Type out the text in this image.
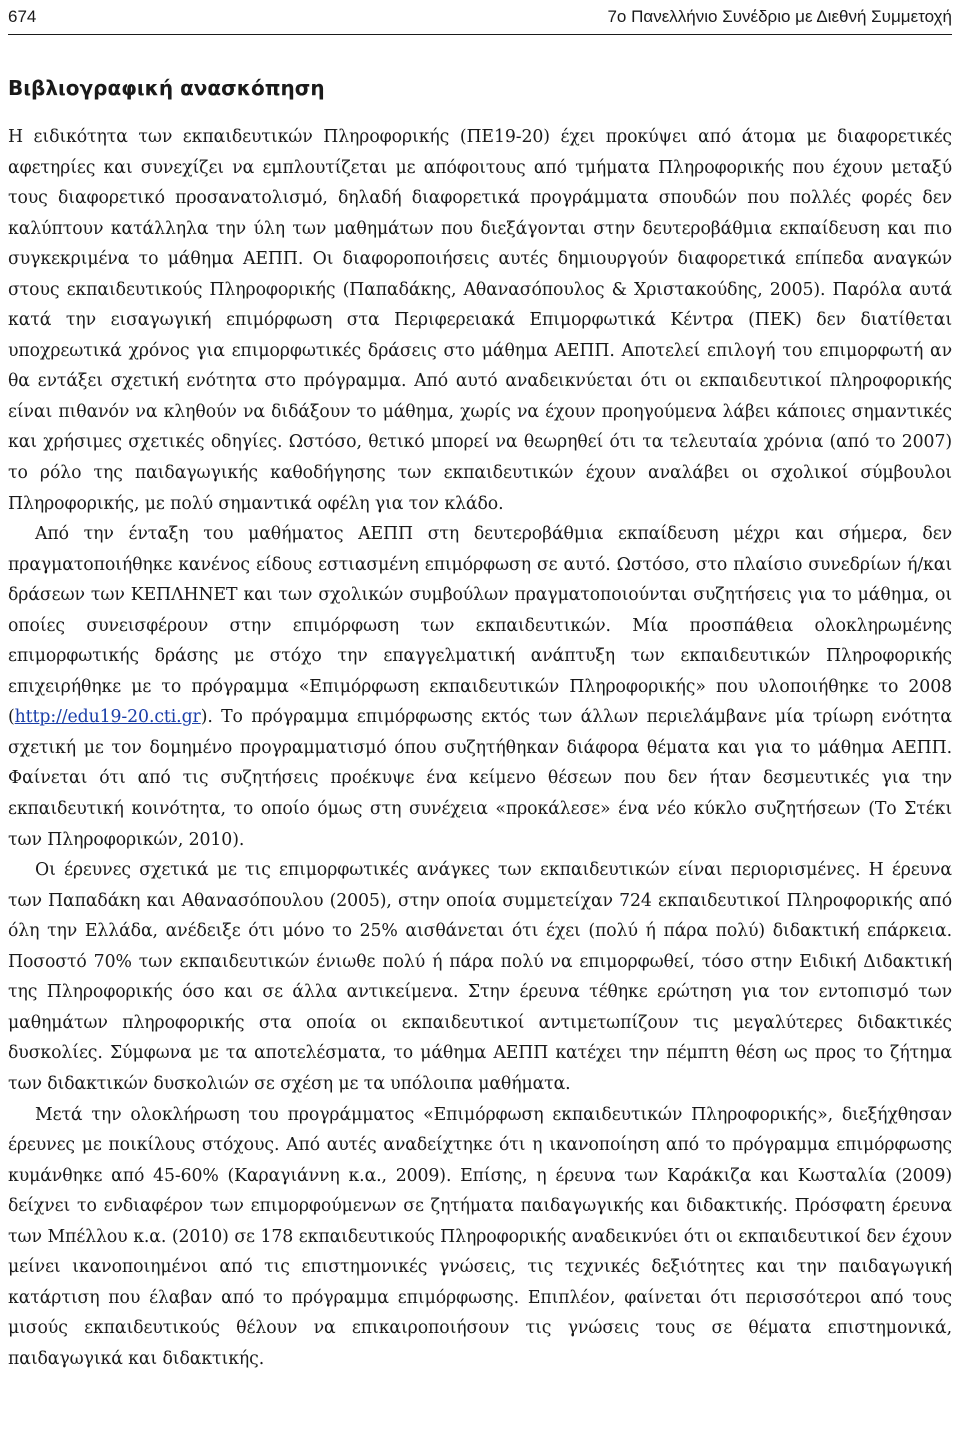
674	7ο Πανελλήνιο Συνέδριο με Διεθνή Συμμετοχή
Βιβλιογραφική ανασκόπηση

Η ειδικότητα των εκπαιδευτικών Πληροφορικής (ΠΕ19-20) έχει προκύψει από άτομα με διαφορετικές αφετηρίες και συνεχίζει να εμπλουτίζεται με απόφοιτους από τμήματα Πληροφορικής που έχουν μεταξύ τους διαφορετικό προσανατολισμό, δηλαδή διαφορετικά προγράμματα σπουδών που πολλές φορές δεν καλύπτουν κατάλληλα την ύλη των μαθημάτων που διεξάγονται στην δευτεροβάθμια εκπαίδευση και πιο συγκεκριμένα το μάθημα ΑΕΠΠ. Οι διαφοροποιήσεις αυτές δημιουργούν διαφορετικά επίπεδα αναγκών στους εκπαιδευτικούς Πληροφορικής (Παπαδάκης, Αθανασόπουλος & Χριστακούδης, 2005). Παρόλα αυτά κατά την εισαγωγική επιμόρφωση στα Περιφερειακά Επιμορφωτικά Κέντρα (ΠΕΚ) δεν διατίθεται υποχρεωτικά χρόνος για επιμορφωτικές δράσεις στο μάθημα ΑΕΠΠ. Αποτελεί επιλογή του επιμορφωτή αν θα εντάξει σχετική ενότητα στο πρόγραμμα. Από αυτό αναδεικνύεται ότι οι εκπαιδευτικοί πληροφορικής είναι πιθανόν να κληθούν να διδάξουν το μάθημα, χωρίς να έχουν προηγούμενα λάβει κάποιες σημαντικές και χρήσιμες σχετικές οδηγίες. Ωστόσο, θετικό μπορεί να θεωρηθεί ότι τα τελευταία χρόνια (από το 2007) το ρόλο της παιδαγωγικής καθοδήγησης των εκπαιδευτικών έχουν αναλάβει οι σχολικοί σύμβουλοι Πληροφορικής, με πολύ σημαντικά οφέλη για τον κλάδο.

Από την ένταξη του μαθήματος ΑΕΠΠ στη δευτεροβάθμια εκπαίδευση μέχρι και σήμερα, δεν πραγματοποιήθηκε κανένος είδους εστιασμένη επιμόρφωση σε αυτό. Ωστόσο, στο πλαίσιο συνεδρίων ή/και δράσεων των ΚΕΠΛΗΝΕΤ και των σχολικών συμβούλων πραγματοποιούνται συζητήσεις για το μάθημα, οι οποίες συνεισφέρουν στην επιμόρφωση των εκπαιδευτικών. Μία προσπάθεια ολοκληρωμένης επιμορφωτικής δράσης με στόχο την επαγγελματική ανάπτυξη των εκπαιδευτικών Πληροφορικής επιχειρήθηκε με το πρόγραμμα «Επιμόρφωση εκπαιδευτικών Πληροφορικής» που υλοποιήθηκε το 2008 (http://edu19-20.cti.gr). Το πρόγραμμα επιμόρφωσης εκτός των άλλων περιελάμβανε μία τρίωρη ενότητα σχετική με τον δομημένο προγραμματισμό όπου συζητήθηκαν διάφορα θέματα και για το μάθημα ΑΕΠΠ. Φαίνεται ότι από τις συζητήσεις προέκυψε ένα κείμενο θέσεων που δεν ήταν δεσμευτικές για την εκπαιδευτική κοινότητα, το οποίο όμως στη συνέχεια «προκάλεσε» ένα νέο κύκλο συζητήσεων (Το Στέκι των Πληροφορικών, 2010).

Οι έρευνες σχετικά με τις επιμορφωτικές ανάγκες των εκπαιδευτικών είναι περιορισμένες. Η έρευνα των Παπαδάκη και Αθανασόπουλου (2005), στην οποία συμμετείχαν 724 εκπαιδευτικοί Πληροφορικής από όλη την Ελλάδα, ανέδειξε ότι μόνο το 25% αισθάνεται ότι έχει (πολύ ή πάρα πολύ) διδακτική επάρκεια. Ποσοστό 70% των εκπαιδευτικών ένιωθε πολύ ή πάρα πολύ να επιμορφωθεί, τόσο στην Ειδική Διδακτική της Πληροφορικής όσο και σε άλλα αντικείμενα. Στην έρευνα τέθηκε ερώτηση για τον εντοπισμό των μαθημάτων πληροφορικής στα οποία οι εκπαιδευτικοί αντιμετωπίζουν τις μεγαλύτερες διδακτικές δυσκολίες. Σύμφωνα με τα αποτελέσματα, το μάθημα ΑΕΠΠ κατέχει την πέμπτη θέση ως προς το ζήτημα των διδακτικών δυσκολιών σε σχέση με τα υπόλοιπα μαθήματα.

Μετά την ολοκλήρωση του προγράμματος «Επιμόρφωση εκπαιδευτικών Πληροφορικής», διεξήχθησαν έρευνες με ποικίλους στόχους. Από αυτές αναδείχτηκε ότι η ικανοποίηση από το πρόγραμμα επιμόρφωσης κυμάνθηκε από 45-60% (Καραγιάννη κ.α., 2009). Επίσης, η έρευνα των Καράκιζα και Κωσταλία (2009) δείχνει το ενδιαφέρον των επιμορφούμενων σε ζητήματα παιδαγωγικής και διδακτικής. Πρόσφατη έρευνα των Μπέλλου κ.α. (2010) σε 178 εκπαιδευτικούς Πληροφορικής αναδεικνύει ότι οι εκπαιδευτικοί δεν έχουν μείνει ικανοποιημένοι από τις επιστημονικές γνώσεις, τις τεχνικές δεξιότητες και την παιδαγωγική κατάρτιση που έλαβαν από το πρόγραμμα επιμόρφωσης. Επιπλέον, φαίνεται ότι περισσότεροι από τους μισούς εκπαιδευτικούς θέλουν να επικαιροποιήσουν τις γνώσεις τους σε θέματα επιστημονικά, παιδαγωγικά και διδακτικής.
